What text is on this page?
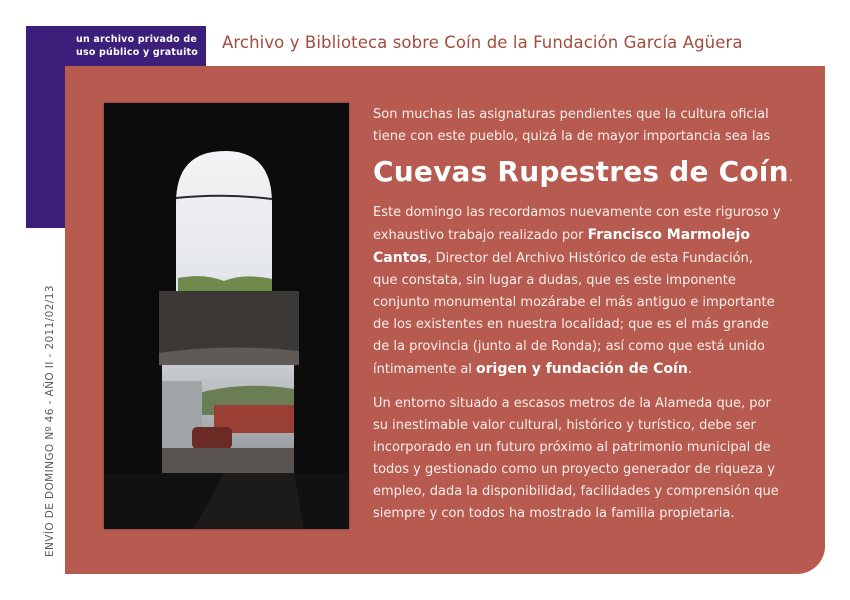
un archivo privado de
uso público y gratuito
Archivo y Biblioteca sobre Coín de la Fundación García Agüera
ENVÍO DE DOMINGO Nº 46 - AÑO II - 2011/02/13

Son muchas las asignaturas pendientes que la cultura oficial
tiene con este pueblo, quizá la de mayor importancia sea las

Cuevas Rupestres de Coín.

Este domingo las recordamos nuevamente con este riguroso y
exhaustivo trabajo realizado por Francisco Marmolejo
Cantos, Director del Archivo Histórico de esta Fundación,
que constata, sin lugar a dudas, que es este imponente
conjunto monumental mozárabe el más antiguo e importante
de los existentes en nuestra localidad; que es el más grande
de la provincia (junto al de Ronda); así como que está unido
íntimamente al origen y fundación de Coín.

Un entorno situado a escasos metros de la Alameda que, por
su inestimable valor cultural, histórico y turístico, debe ser
incorporado en un futuro próximo al patrimonio municipal de
todos y gestionado como un proyecto generador de riqueza y
empleo, dada la disponibilidad, facilidades y comprensión que
siempre y con todos ha mostrado la familia propietaria.
